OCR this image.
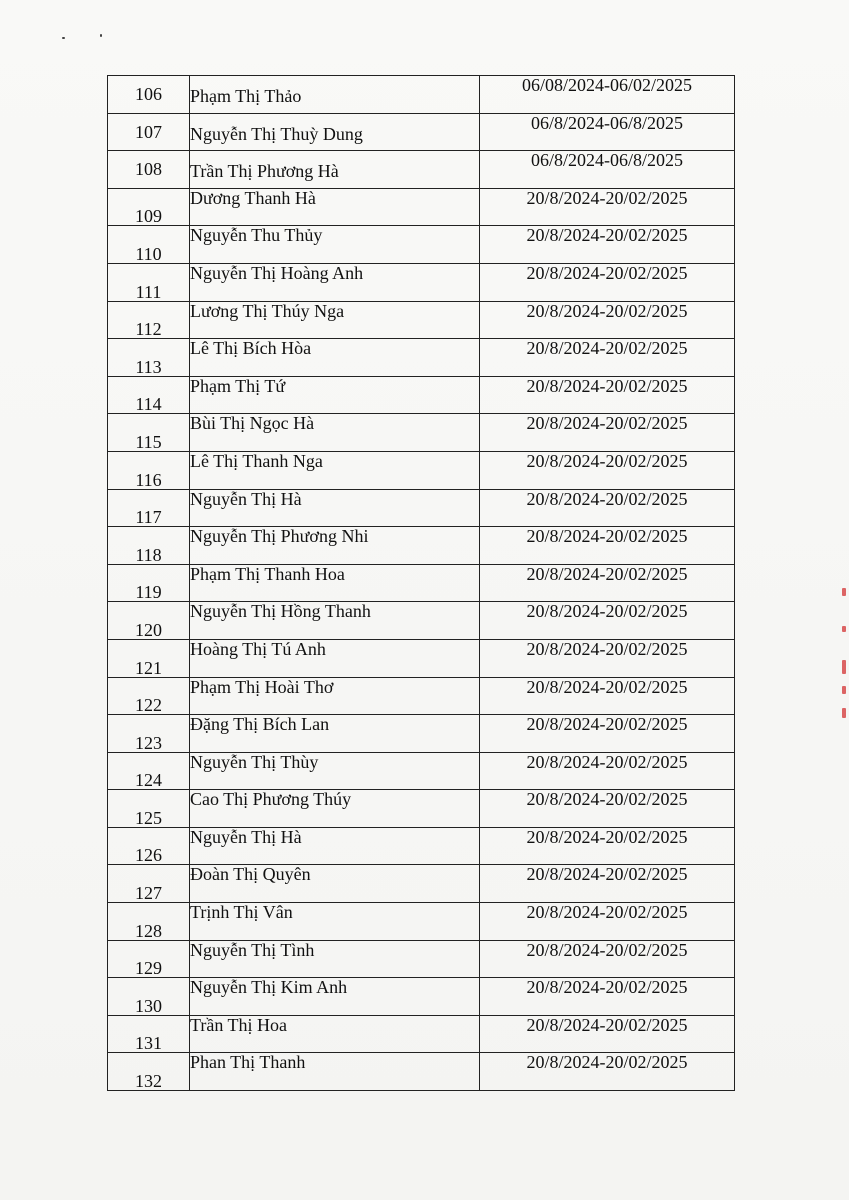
106	Phạm Thị Thảo	06/08/2024-06/02/2025
107	Nguyễn Thị Thuỳ Dung	06/8/2024-06/8/2025
108	Trần Thị Phương Hà	06/8/2024-06/8/2025
109	Dương Thanh Hà	20/8/2024-20/02/2025
110	Nguyễn Thu Thủy	20/8/2024-20/02/2025
111	Nguyễn Thị Hoàng Anh	20/8/2024-20/02/2025
112	Lương Thị Thúy Nga	20/8/2024-20/02/2025
113	Lê Thị Bích Hòa	20/8/2024-20/02/2025
114	Phạm Thị Tứ	20/8/2024-20/02/2025
115	Bùi Thị Ngọc Hà	20/8/2024-20/02/2025
116	Lê Thị Thanh Nga	20/8/2024-20/02/2025
117	Nguyễn Thị Hà	20/8/2024-20/02/2025
118	Nguyễn Thị Phương Nhi	20/8/2024-20/02/2025
119	Phạm Thị Thanh Hoa	20/8/2024-20/02/2025
120	Nguyễn Thị Hồng Thanh	20/8/2024-20/02/2025
121	Hoàng Thị Tú Anh	20/8/2024-20/02/2025
122	Phạm Thị Hoài Thơ	20/8/2024-20/02/2025
123	Đặng Thị Bích Lan	20/8/2024-20/02/2025
124	Nguyễn Thị Thùy	20/8/2024-20/02/2025
125	Cao Thị Phương Thúy	20/8/2024-20/02/2025
126	Nguyễn Thị Hà	20/8/2024-20/02/2025
127	Đoàn Thị Quyên	20/8/2024-20/02/2025
128	Trịnh Thị Vân	20/8/2024-20/02/2025
129	Nguyễn Thị Tình	20/8/2024-20/02/2025
130	Nguyễn Thị Kim Anh	20/8/2024-20/02/2025
131	Trần Thị Hoa	20/8/2024-20/02/2025
132	Phan Thị Thanh	20/8/2024-20/02/2025
